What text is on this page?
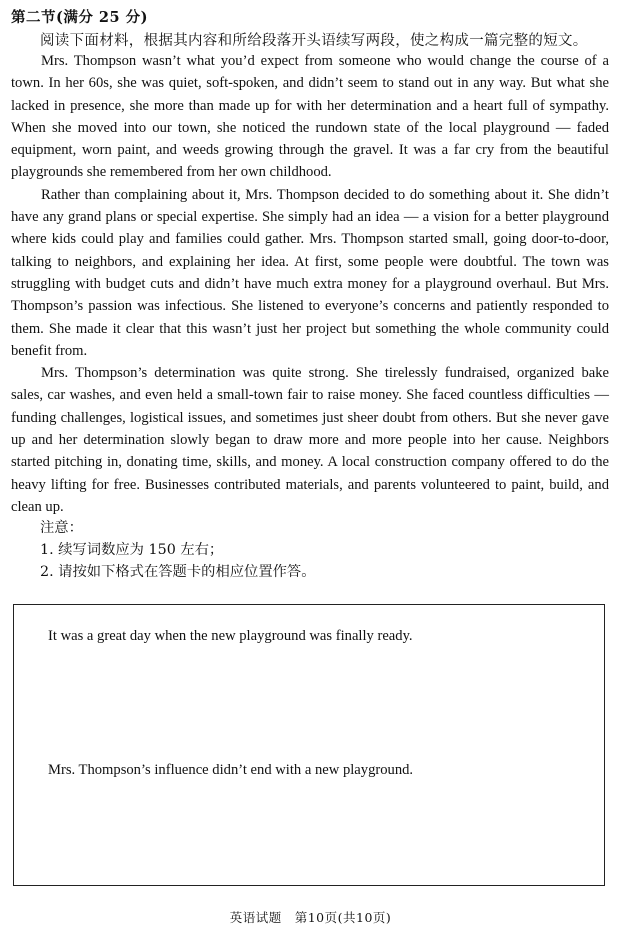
第二节(满分 25 分)
阅读下面材料，根据其内容和所给段落开头语续写两段，使之构成一篇完整的短文。

Mrs. Thompson wasn’t what you’d expect from someone who would change the course of a town. In her 60s, she was quiet, soft-spoken, and didn’t seem to stand out in any way. But what she lacked in presence, she more than made up for with her determination and a heart full of sympathy. When she moved into our town, she noticed the rundown state of the local playground — faded equipment, worn paint, and weeds growing through the gravel. It was a far cry from the beautiful playgrounds she remembered from her own childhood.

Rather than complaining about it, Mrs. Thompson decided to do something about it. She didn’t have any grand plans or special expertise. She simply had an idea — a vision for a better playground where kids could play and families could gather. Mrs. Thompson started small, going door-to-door, talking to neighbors, and explaining her idea. At first, some people were doubtful. The town was struggling with budget cuts and didn’t have much extra money for a playground overhaul. But Mrs. Thompson’s passion was infectious. She listened to everyone’s concerns and patiently responded to them. She made it clear that this wasn’t just her project but something the whole community could benefit from.

Mrs. Thompson’s determination was quite strong. She tirelessly fundraised, organized bake sales, car washes, and even held a small-town fair to raise money. She faced countless difficulties — funding challenges, logistical issues, and sometimes just sheer doubt from others. But she never gave up and her determination slowly began to draw more and more people into her cause. Neighbors started pitching in, donating time, skills, and money. A local construction company offered to do the heavy lifting for free. Businesses contributed materials, and parents volunteered to paint, build, and clean up.

注意：
1. 续写词数应为 150 左右；
2. 请按如下格式在答题卡的相应位置作答。
It was a great day when the new playground was finally ready.
Mrs. Thompson’s influence didn’t end with a new playground.
英语试题　第10页(共10页)
